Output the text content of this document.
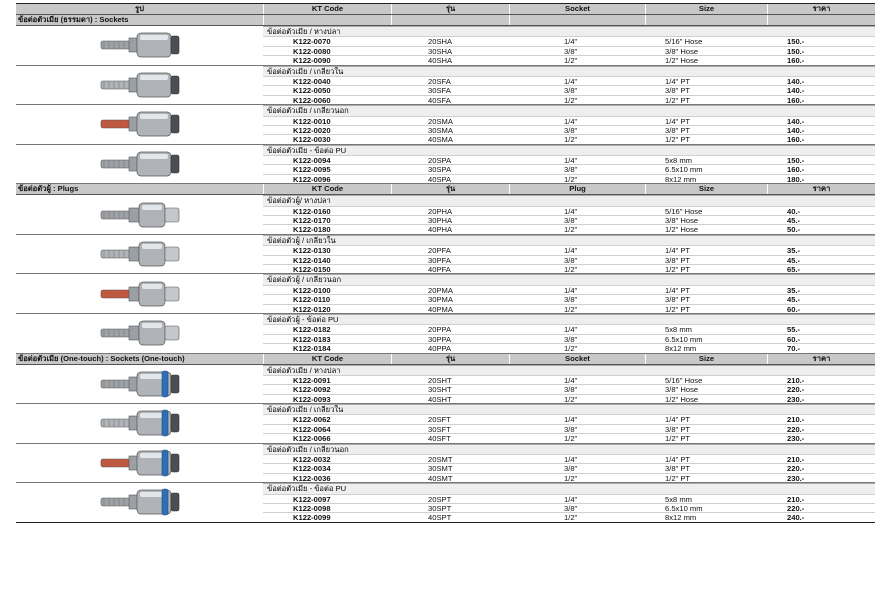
รูป	KT Code	รุ่น	Socket	Size	ราคา
ข้อต่อตัวเมีย (ธรรมดา) : Sockets
ข้อต่อตัวเมีย / หางปลา
K122-0070	20SHA	1/4"	5/16" Hose	150.-
K122-0080	30SHA	3/8"	3/8" Hose	150.-
K122-0090	40SHA	1/2"	1/2" Hose	160.-
ข้อต่อตัวเมีย / เกลียวใน
K122-0040	20SFA	1/4"	1/4" PT	140.-
K122-0050	30SFA	3/8"	3/8" PT	140.-
K122-0060	40SFA	1/2"	1/2" PT	160.-
ข้อต่อตัวเมีย / เกลียวนอก
K122-0010	20SMA	1/4"	1/4" PT	140.-
K122-0020	30SMA	3/8"	3/8" PT	140.-
K122-0030	40SMA	1/2"	1/2" PT	160.-
ข้อต่อตัวเมีย - ข้อต่อ PU
K122-0094	20SPA	1/4"	5x8 mm	150.-
K122-0095	30SPA	3/8"	6.5x10 mm	160.-
K122-0096	40SPA	1/2"	8x12 mm	180.-
ข้อต่อตัวผู้ : Plugs	KT Code	รุ่น	Plug	Size	ราคา
ข้อต่อตัวผู้/ หางปลา
K122-0160	20PHA	1/4"	5/16" Hose	40.-
K122-0170	30PHA	3/8"	3/8" Hose	45.-
K122-0180	40PHA	1/2"	1/2" Hose	50.-
ข้อต่อตัวผู้ / เกลียวใน
K122-0130	20PFA	1/4"	1/4" PT	35.-
K122-0140	30PFA	3/8"	3/8" PT	45.-
K122-0150	40PFA	1/2"	1/2" PT	65.-
ข้อต่อตัวผู้ / เกลียวนอก
K122-0100	20PMA	1/4"	1/4" PT	35.-
K122-0110	30PMA	3/8"	3/8" PT	45.-
K122-0120	40PMA	1/2"	1/2" PT	60.-
ข้อต่อตัวผู้ - ข้อต่อ PU
K122-0182	20PPA	1/4"	5x8 mm	55.-
K122-0183	30PPA	3/8"	6.5x10 mm	60.-
K122-0184	40PPA	1/2"	8x12 mm	70.-
ข้อต่อตัวเมีย (One-touch) : Sockets (One-touch)	KT Code	รุ่น	Socket	Size	ราคา
ข้อต่อตัวเมีย / หางปลา
K122-0091	20SHT	1/4"	5/16" Hose	210.-
K122-0092	30SHT	3/8"	3/8" Hose	220.-
K122-0093	40SHT	1/2"	1/2" Hose	230.-
ข้อต่อตัวเมีย / เกลียวใน
K122-0062	20SFT	1/4"	1/4" PT	210.-
K122-0064	30SFT	3/8"	3/8" PT	220.-
K122-0066	40SFT	1/2"	1/2" PT	230.-
ข้อต่อตัวเมีย / เกลียวนอก
K122-0032	20SMT	1/4"	1/4" PT	210.-
K122-0034	30SMT	3/8"	3/8" PT	220.-
K122-0036	40SMT	1/2"	1/2" PT	230.-
ข้อต่อตัวเมีย - ข้อต่อ PU
K122-0097	20SPT	1/4"	5x8 mm	210.-
K122-0098	30SPT	3/8"	6.5x10 mm	220.-
K122-0099	40SPT	1/2"	8x12 mm	240.-
